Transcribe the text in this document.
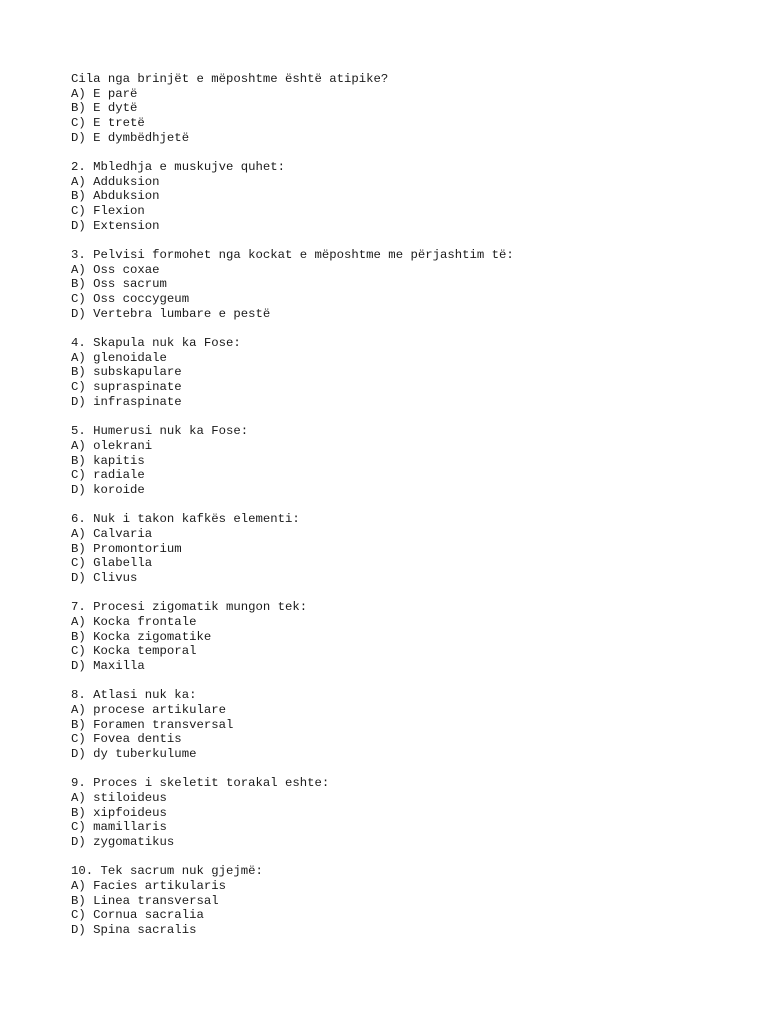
Cila nga brinjët e mëposhtme është atipike?
A) E parë
B) E dytë
C) E tretë
D) E dymbëdhjetë
2. Mbledhja e muskujve quhet:
A) Adduksion
B) Abduksion
C) Flexion
D) Extension
3. Pelvisi formohet nga kockat e mëposhtme me përjashtim të:
A) Oss coxae
B) Oss sacrum
C) Oss coccygeum
D) Vertebra lumbare e pestë
4. Skapula nuk ka Fose:
A) glenoidale
B) subskapulare
C) supraspinate
D) infraspinate
5. Humerusi nuk ka Fose:
A) olekrani
B) kapitis
C) radiale
D) koroide
6. Nuk i takon kafkës elementi:
A) Calvaria
B) Promontorium
C) Glabella
D) Clivus
7. Procesi zigomatik mungon tek:
A) Kocka frontale
B) Kocka zigomatike
C) Kocka temporal
D) Maxilla
8. Atlasi nuk ka:
A) procese artikulare
B) Foramen transversal
C) Fovea dentis
D) dy tuberkulume
9. Proces i skeletit torakal eshte:
A) stiloideus
B) xipfoideus
C) mamillaris
D) zygomatikus
10. Tek sacrum nuk gjejmë:
A) Facies artikularis
B) Linea transversal
C) Cornua sacralia
D) Spina sacralis
